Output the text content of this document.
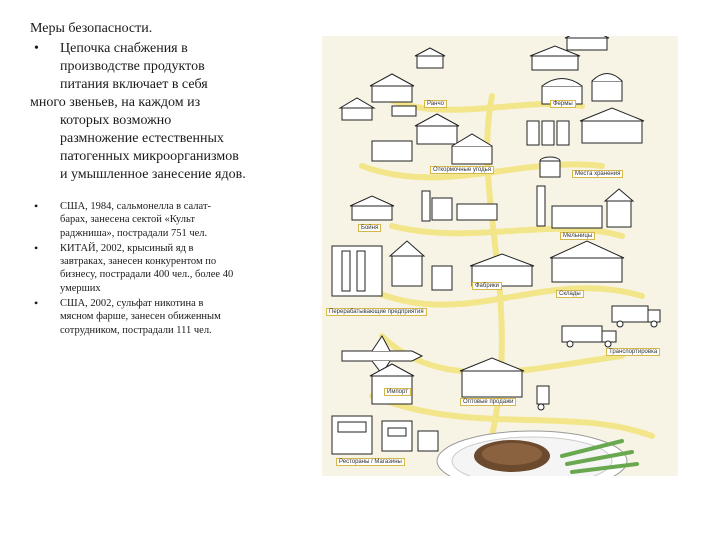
Меры безопасности.

• Цепочка снабжения в
производстве продуктов
питания включает в себя
много звеньев, на каждом из
которых возможно
размножение естественных
патогенных микроорганизмов
и умышленное занесение ядов.
• США, 1984, сальмонелла в салат-
барах, занесена сектой «Культ
раджниша», пострадали 751 чел.
• КИТАЙ, 2002, крысиный яд в
завтраках, занесен конкурентом по
бизнесу, пострадали 400 чел., более 40
умерших
• США, 2002, сульфат никотина в
мясном фарше, занесен обиженным
сотрудником, пострадали 111 чел.
Ранчо	Фермы
Откормочные угодья
Места хранения
Бойня
Мельницы
Фабрики
Склады
Перерабатывающие предприятия
Транспортировка
Импорт
Оптовые продажи
Рестораны / Магазины
